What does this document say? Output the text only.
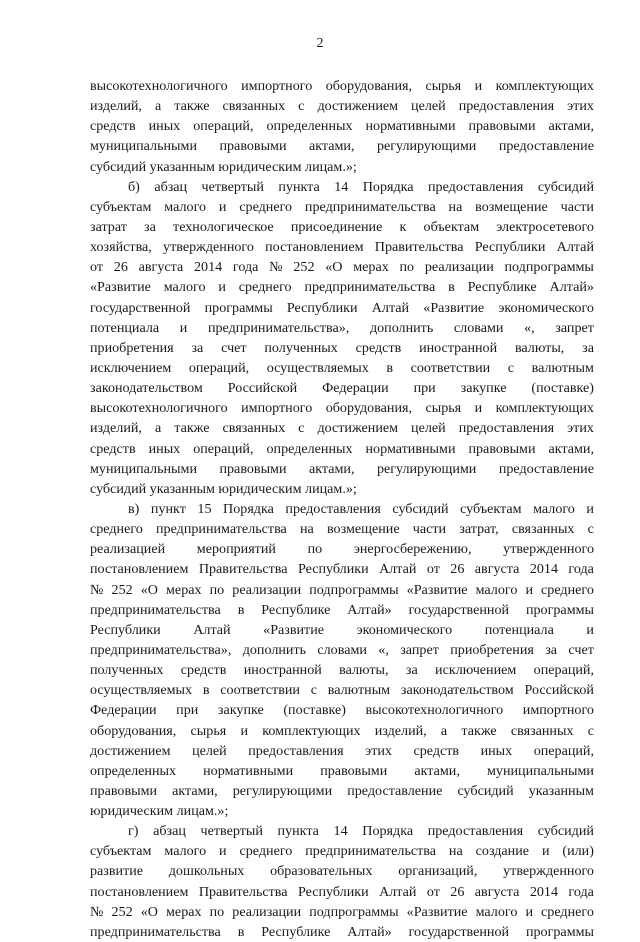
2
высокотехнологичного импортного оборудования, сырья и комплектующих
изделий, а также связанных с достижением целей предоставления этих
средств иных операций, определенных нормативными правовыми актами,
муниципальными правовыми актами, регулирующими предоставление
субсидий указанным юридическим лицам.»;
б) абзац четвертый пункта 14 Порядка предоставления субсидий
субъектам малого и среднего предпринимательства на возмещение части
затрат за технологическое присоединение к объектам электросетевого
хозяйства, утвержденного постановлением Правительства Республики Алтай
от 26 августа 2014 года № 252 «О мерах по реализации подпрограммы
«Развитие малого и среднего предпринимательства в Республике Алтай»
государственной программы Республики Алтай «Развитие экономического
потенциала и предпринимательства», дополнить словами «, запрет
приобретения за счет полученных средств иностранной валюты, за
исключением операций, осуществляемых в соответствии с валютным
законодательством Российской Федерации при закупке (поставке)
высокотехнологичного импортного оборудования, сырья и комплектующих
изделий, а также связанных с достижением целей предоставления этих
средств иных операций, определенных нормативными правовыми актами,
муниципальными правовыми актами, регулирующими предоставление
субсидий указанным юридическим лицам.»;
в) пункт 15 Порядка предоставления субсидий субъектам малого и
среднего предпринимательства на возмещение части затрат, связанных с
реализацией мероприятий по энергосбережению, утвержденного
постановлением Правительства Республики Алтай от 26 августа 2014 года
№ 252 «О мерах по реализации подпрограммы «Развитие малого и среднего
предпринимательства в Республике Алтай» государственной программы
Республики Алтай «Развитие экономического потенциала и
предпринимательства», дополнить словами «, запрет приобретения за счет
полученных средств иностранной валюты, за исключением операций,
осуществляемых в соответствии с валютным законодательством Российской
Федерации при закупке (поставке) высокотехнологичного импортного
оборудования, сырья и комплектующих изделий, а также связанных с
достижением целей предоставления этих средств иных операций,
определенных нормативными правовыми актами, муниципальными
правовыми актами, регулирующими предоставление субсидий указанным
юридическим лицам.»;
г) абзац четвертый пункта 14 Порядка предоставления субсидий
субъектам малого и среднего предпринимательства на создание и (или)
развитие дошкольных образовательных организаций, утвержденного
постановлением Правительства Республики Алтай от 26 августа 2014 года
№ 252 «О мерах по реализации подпрограммы «Развитие малого и среднего
предпринимательства в Республике Алтай» государственной программы
